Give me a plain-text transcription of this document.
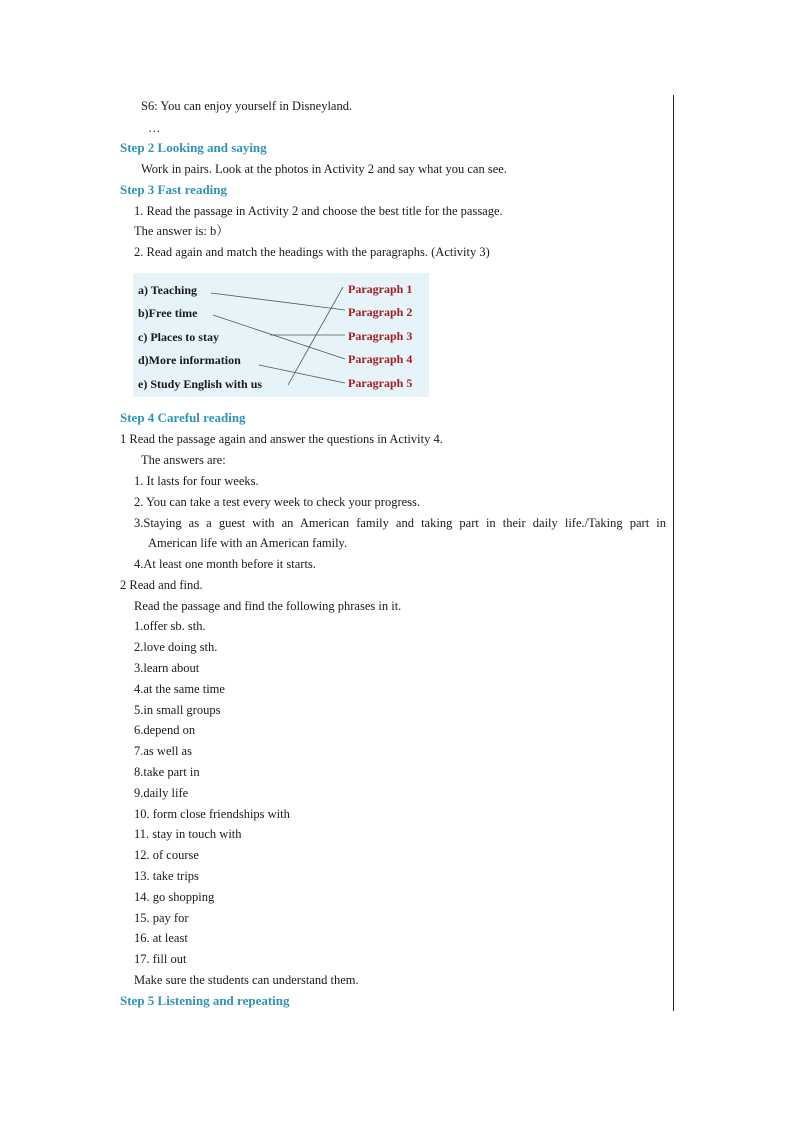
S6: You can enjoy yourself in Disneyland.
…
Step 2 Looking and saying
Work in pairs. Look at the photos in Activity 2 and say what you can see.
Step 3 Fast reading
1. Read the passage in Activity 2 and choose the best title for the passage.
The answer is: b）
2. Read again and match the headings with the paragraphs. (Activity 3)
a) Teaching
b)Free time
c) Places to stay
d)More information
e) Study English with us
Paragraph 1
Paragraph 2
Paragraph 3
Paragraph 4
Paragraph 5
Step 4 Careful reading
1 Read the passage again and answer the questions in Activity 4.
The answers are:
1. It lasts for four weeks.
2. You can take a test every week to check your progress.
3.Staying as a guest with an American family and taking part in their daily life./Taking part in
American life with an American family.
4.At least one month before it starts.
2 Read and find.
Read the passage and find the following phrases in it.
1.offer sb. sth.
2.love doing sth.
3.learn about
4.at the same time
5.in small groups
6.depend on
7.as well as
8.take part in
9.daily life
10. form close friendships with
11. stay in touch with
12. of course
13. take trips
14. go shopping
15. pay for
16. at least
17. fill out
Make sure the students can understand them.
Step 5 Listening and repeating
